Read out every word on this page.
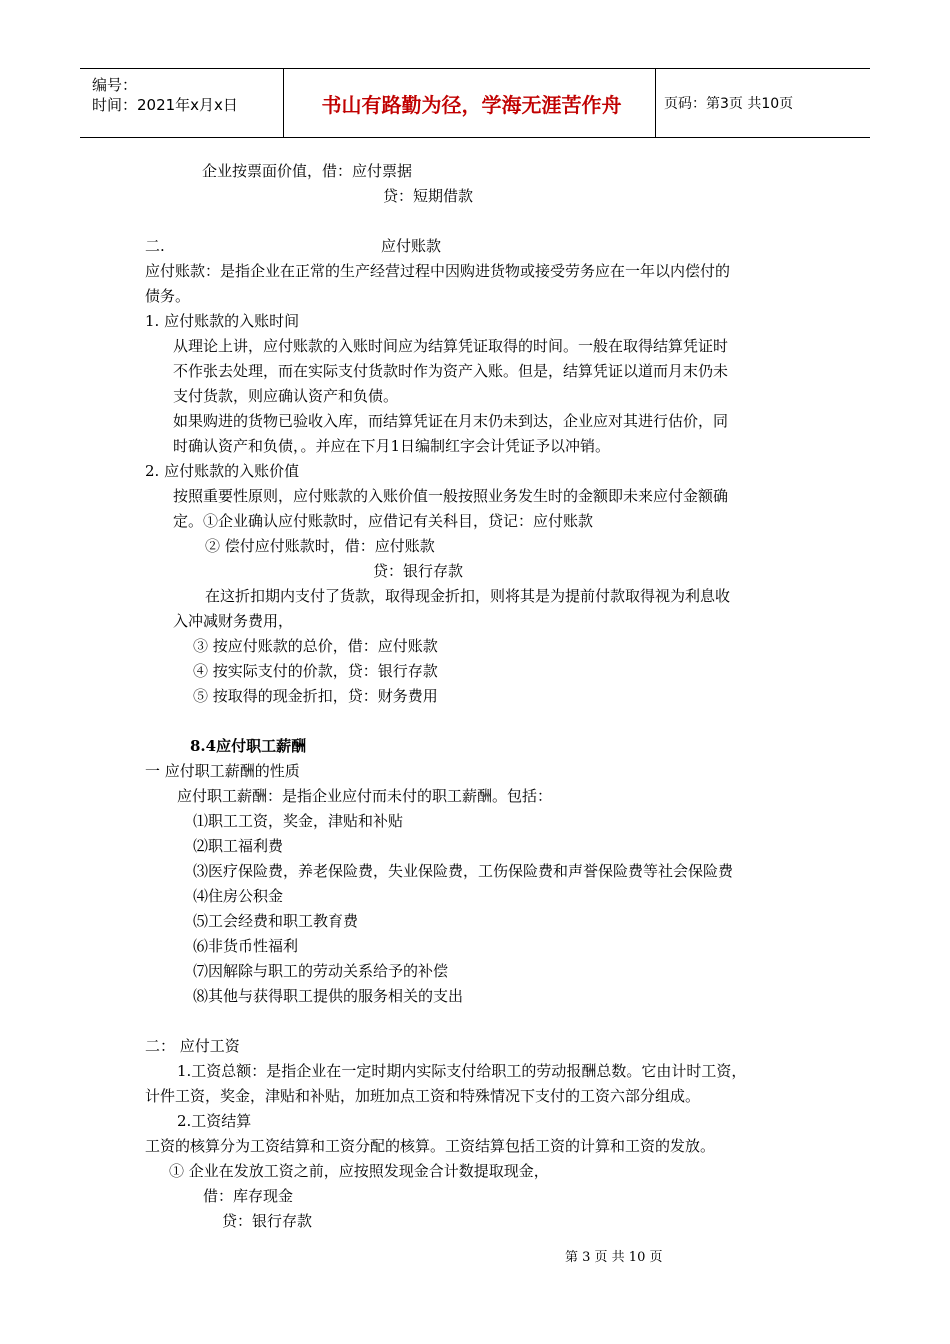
编号：
时间：2021年x月x日	书山有路勤为径，学海无涯苦作舟	页码：第3页 共10页
企业按票面价值，借：应付票据
贷：短期借款
二.	应付账款
应付账款：是指企业在正常的生产经营过程中因购进货物或接受劳务应在一年以内偿付的
债务。
1. 应付账款的入账时间
从理论上讲，应付账款的入账时间应为结算凭证取得的时间。一般在取得结算凭证时
不作张去处理，而在实际支付货款时作为资产入账。但是，结算凭证以道而月末仍未
支付货款，则应确认资产和负债。
如果购进的货物已验收入库，而结算凭证在月末仍未到达，企业应对其进行估价，同
时确认资产和负债，。并应在下月1日编制红字会计凭证予以冲销。
2. 应付账款的入账价值
按照重要性原则，应付账款的入账价值一般按照业务发生时的金额即未来应付金额确
定。①企业确认应付账款时，应借记有关科目，贷记：应付账款
② 偿付应付账款时，借：应付账款
贷：银行存款
在这折扣期内支付了货款，取得现金折扣，则将其是为提前付款取得视为利息收
入冲减财务费用，
③ 按应付账款的总价，借：应付账款
④ 按实际支付的价款，贷：银行存款
⑤ 按取得的现金折扣，贷：财务费用
8.4应付职工薪酬
一 应付职工薪酬的性质
应付职工薪酬：是指企业应付而未付的职工薪酬。包括：
⑴职工工资，奖金，津贴和补贴
⑵职工福利费
⑶医疗保险费，养老保险费，失业保险费，工伤保险费和声誉保险费等社会保险费
⑷住房公积金
⑸工会经费和职工教育费
⑹非货币性福利
⑺因解除与职工的劳动关系给予的补偿
⑻其他与获得职工提供的服务相关的支出
二： 应付工资
1.工资总额：是指企业在一定时期内实际支付给职工的劳动报酬总数。它由计时工资，
计件工资，奖金，津贴和补贴，加班加点工资和特殊情况下支付的工资六部分组成。
2.工资结算
工资的核算分为工资结算和工资分配的核算。工资结算包括工资的计算和工资的发放。
① 企业在发放工资之前，应按照发现金合计数提取现金，
借：库存现金
贷：银行存款
第 3 页 共 10 页
